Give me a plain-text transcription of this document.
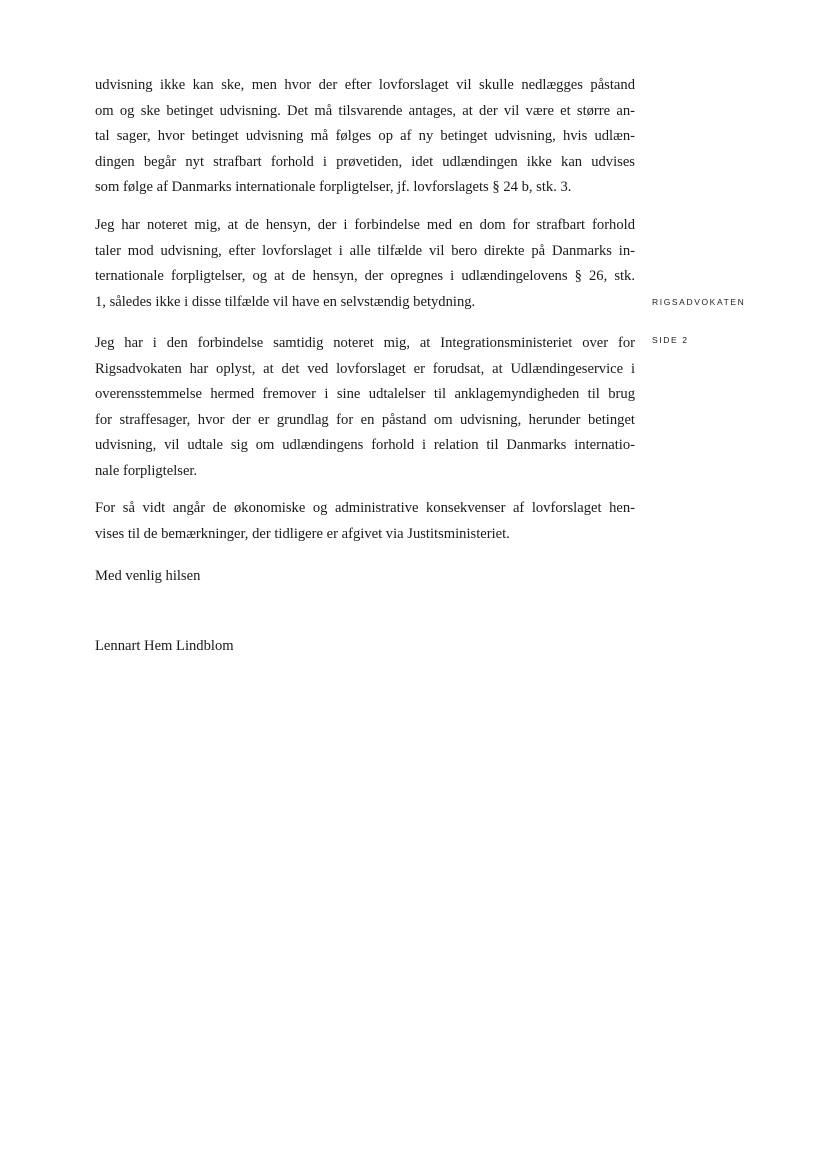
udvisning ikke kan ske, men hvor der efter lovforslaget vil skulle nedlægges påstand
om og ske betinget udvisning. Det må tilsvarende antages, at der vil være et større an-
tal sager, hvor betinget udvisning må følges op af ny betinget udvisning, hvis udlæn-
dingen begår nyt strafbart forhold i prøvetiden, idet udlændingen ikke kan udvises
som følge af Danmarks internationale forpligtelser, jf. lovforslagets § 24 b, stk. 3.
Jeg har noteret mig, at de hensyn, der i forbindelse med en dom for strafbart forhold
taler mod udvisning, efter lovforslaget i alle tilfælde vil bero direkte på Danmarks in-
ternationale forpligtelser, og at de hensyn, der opregnes i udlændingelovens § 26, stk.
1, således ikke i disse tilfælde vil have en selvstændig betydning.
Jeg har i den forbindelse samtidig noteret mig, at Integrationsministeriet over for
Rigsadvokaten har oplyst, at det ved lovforslaget er forudsat, at Udlændingeservice i
overensstemmelse hermed fremover i sine udtalelser til anklagemyndigheden til brug
for straffesager, hvor der er grundlag for en påstand om udvisning, herunder betinget
udvisning, vil udtale sig om udlændingens forhold i relation til Danmarks internatio-
nale forpligtelser.
For så vidt angår de økonomiske og administrative konsekvenser af lovforslaget hen-
vises til de bemærkninger, der tidligere er afgivet via Justitsministeriet.
Med venlig hilsen
Lennart Hem Lindblom
RIGSADVOKATEN
SIDE 2
